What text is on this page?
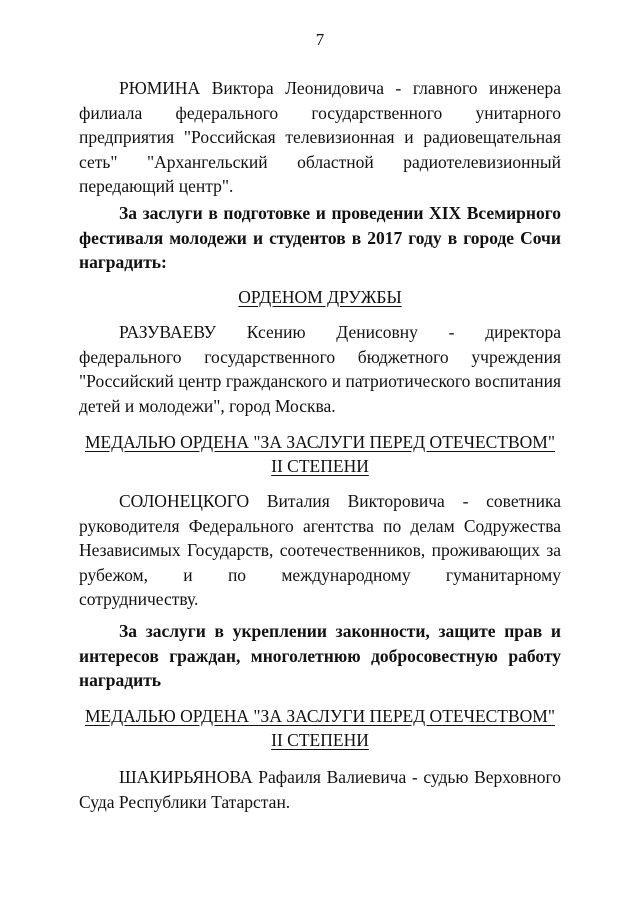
7
РЮМИНА Виктора Леонидовича - главного инженера филиала федерального государственного унитарного предприятия "Российская телевизионная и радиовещательная сеть" "Архангельский областной радиотелевизионный передающий центр".
За заслуги в подготовке и проведении XIX Всемирного фестиваля молодежи и студентов в 2017 году в городе Сочи наградить:
ОРДЕНОМ ДРУЖБЫ
РАЗУВАЕВУ Ксению Денисовну - директора федерального государственного бюджетного учреждения "Российский центр гражданского и патриотического воспитания детей и молодежи", город Москва.
МЕДАЛЬЮ ОРДЕНА "ЗА ЗАСЛУГИ ПЕРЕД ОТЕЧЕСТВОМ"
II СТЕПЕНИ
СОЛОНЕЦКОГО Виталия Викторовича - советника руководителя Федерального агентства по делам Содружества Независимых Государств, соотечественников, проживающих за рубежом, и по международному гуманитарному сотрудничеству.
За заслуги в укреплении законности, защите прав и интересов граждан, многолетнюю добросовестную работу наградить
МЕДАЛЬЮ ОРДЕНА "ЗА ЗАСЛУГИ ПЕРЕД ОТЕЧЕСТВОМ"
II СТЕПЕНИ
ШАКИРЬЯНОВА Рафаиля Валиевича - судью Верховного Суда Республики Татарстан.
